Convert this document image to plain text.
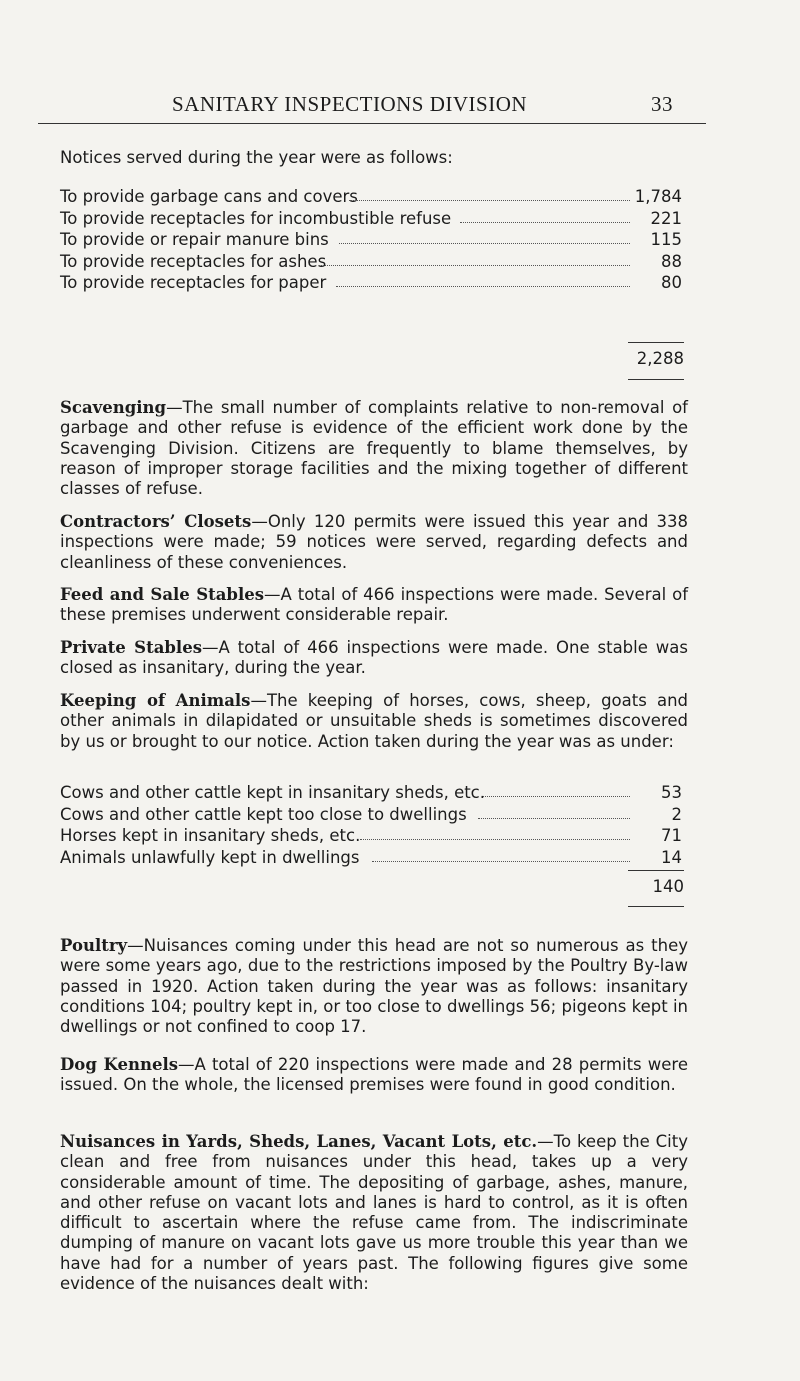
SANITARY INSPECTIONS DIVISION	33
Notices served during the year were as follows:
To provide garbage cans and covers	1,784
To provide receptacles for incombustible refuse	221
To provide or repair manure bins	115
To provide receptacles for ashes	88
To provide receptacles for paper	80
2,288
Scavenging—The small number of complaints relative to non-removal of garbage and other refuse is evidence of the efficient work done by the Scavenging Division. Citizens are frequently to blame themselves, by reason of improper storage facilities and the mixing together of different classes of refuse.
Contractors’ Closets—Only 120 permits were issued this year and 338 inspections were made; 59 notices were served, regarding defects and cleanliness of these conveniences.
Feed and Sale Stables—A total of 466 inspections were made. Several of these premises underwent considerable repair.
Private Stables—A total of 466 inspections were made. One stable was closed as insanitary, during the year.
Keeping of Animals—The keeping of horses, cows, sheep, goats and other animals in dilapidated or unsuitable sheds is sometimes discovered by us or brought to our notice. Action taken during the year was as under:
Cows and other cattle kept in insanitary sheds, etc.	53
Cows and other cattle kept too close to dwellings	2
Horses kept in insanitary sheds, etc.	71
Animals unlawfully kept in dwellings	14
140
Poultry—Nuisances coming under this head are not so numerous as they were some years ago, due to the restrictions imposed by the Poultry By-law passed in 1920. Action taken during the year was as follows: insanitary conditions 104; poultry kept in, or too close to dwellings 56; pigeons kept in dwellings or not confined to coop 17.
Dog Kennels—A total of 220 inspections were made and 28 permits were issued. On the whole, the licensed premises were found in good condition.
Nuisances in Yards, Sheds, Lanes, Vacant Lots, etc.—To keep the City clean and free from nuisances under this head, takes up a very considerable amount of time. The depositing of garbage, ashes, manure, and other refuse on vacant lots and lanes is hard to control, as it is often difficult to ascertain where the refuse came from. The indiscriminate dumping of manure on vacant lots gave us more trouble this year than we have had for a number of years past. The following figures give some evidence of the nuisances dealt with:
